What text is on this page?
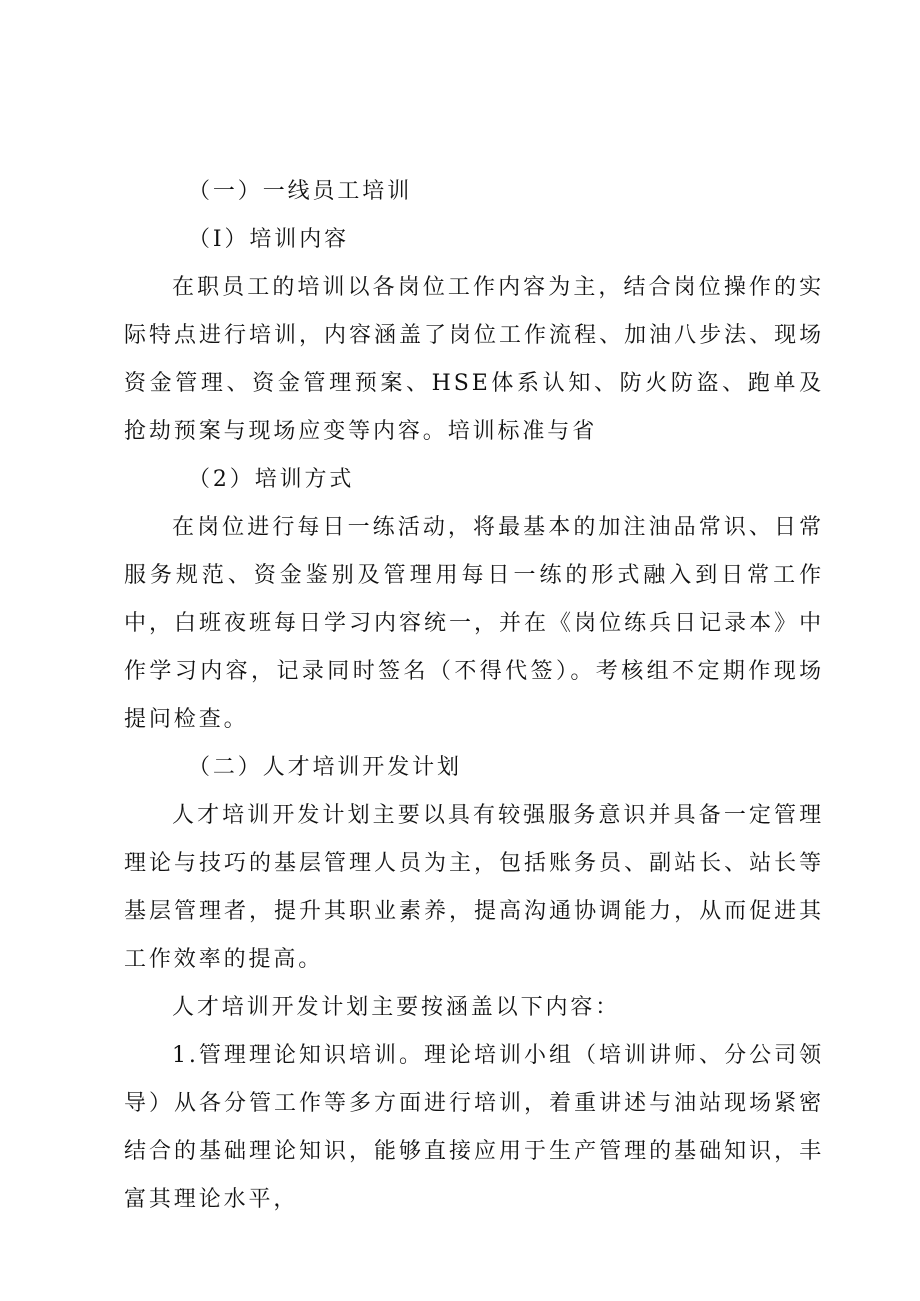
（一）一线员工培训

（I）培训内容

在职员工的培训以各岗位工作内容为主，结合岗位操作的实际特点进行培训，内容涵盖了岗位工作流程、加油八步法、现场资金管理、资金管理预案、HSE体系认知、防火防盗、跑单及抢劫预案与现场应变等内容。培训标准与省

（2）培训方式

在岗位进行每日一练活动，将最基本的加注油品常识、日常服务规范、资金鉴别及管理用每日一练的形式融入到日常工作中，白班夜班每日学习内容统一，并在《岗位练兵日记录本》中作学习内容，记录同时签名（不得代签）。考核组不定期作现场提问检查。

（二）人才培训开发计划

人才培训开发计划主要以具有较强服务意识并具备一定管理理论与技巧的基层管理人员为主，包括账务员、副站长、站长等基层管理者，提升其职业素养，提高沟通协调能力，从而促进其工作效率的提高。

人才培训开发计划主要按涵盖以下内容：

1.管理理论知识培训。理论培训小组（培训讲师、分公司领导）从各分管工作等多方面进行培训，着重讲述与油站现场紧密结合的基础理论知识，能够直接应用于生产管理的基础知识，丰富其理论水平，
